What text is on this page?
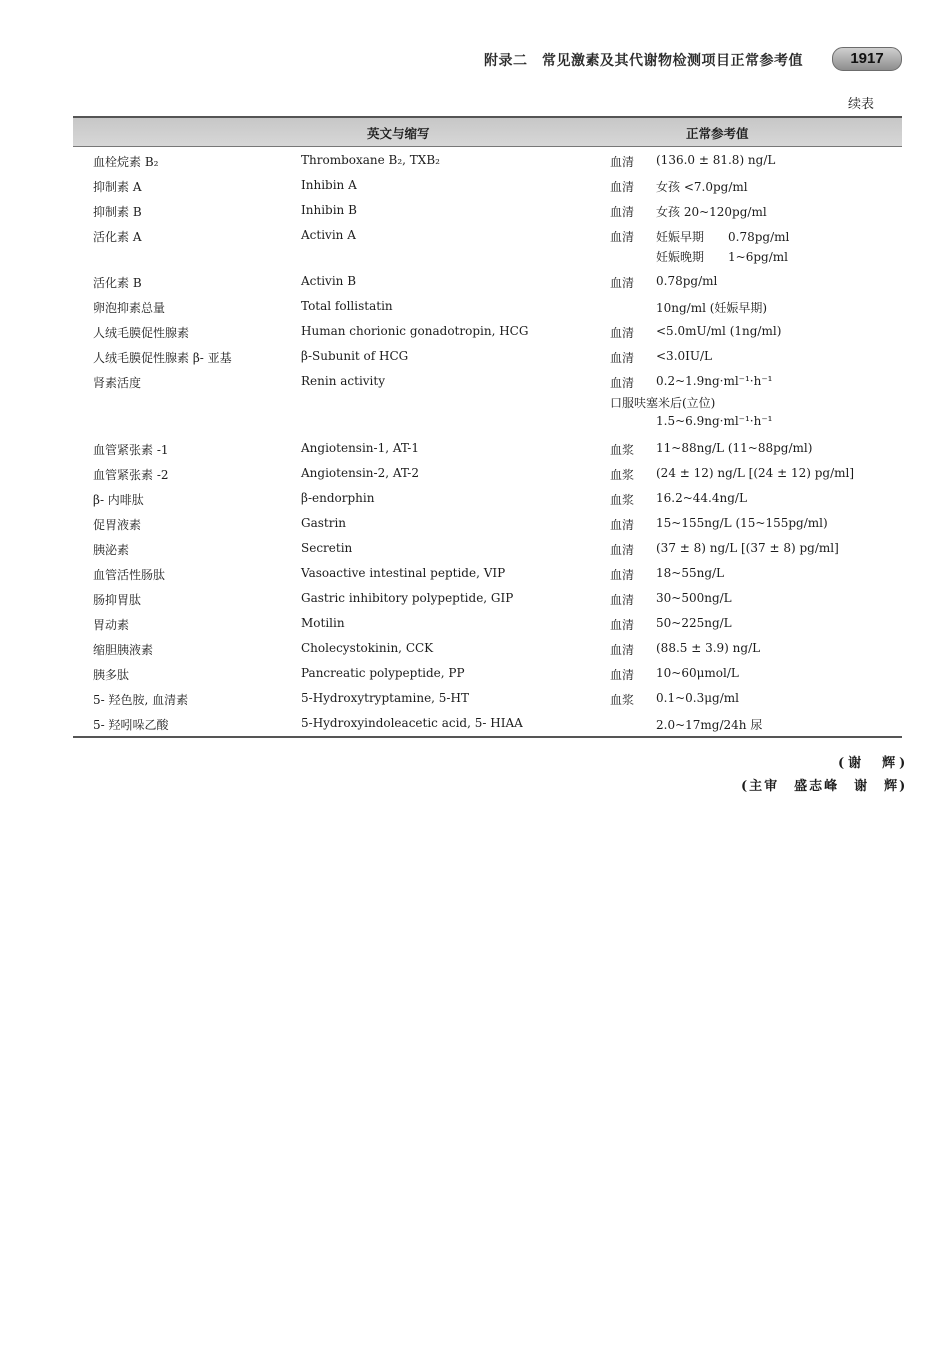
附录二　常见激素及其代谢物检测项目正常参考值	1917
续表
英文与缩写	正常参考值
血栓烷素 B₂	Thromboxane B₂, TXB₂	血清 (136.0 ± 81.8) ng/L
抑制素 A	Inhibin A	血清 女孩 <7.0pg/ml
抑制素 B	Inhibin B	血清 女孩 20~120pg/ml
活化素 A	Activin A	血清 妊娠早期　　0.78pg/ml
妊娠晚期　　1~6pg/ml
活化素 B	Activin B	血清 0.78pg/ml
卵泡抑素总量	Total follistatin	10ng/ml (妊娠早期)
人绒毛膜促性腺素	Human chorionic gonadotropin, HCG	血清 <5.0mU/ml (1ng/ml)
人绒毛膜促性腺素 β- 亚基	β-Subunit of HCG	血清 <3.0IU/L
肾素活度	Renin activity	血清 0.2~1.9ng·ml⁻¹·h⁻¹
口服呋塞米后(立位)
1.5~6.9ng·ml⁻¹·h⁻¹
血管紧张素 -1	Angiotensin-1, AT-1	血浆 11~88ng/L (11~88pg/ml)
血管紧张素 -2	Angiotensin-2, AT-2	血浆 (24 ± 12) ng/L [(24 ± 12) pg/ml]
β- 内啡肽	β-endorphin	血浆 16.2~44.4ng/L
促胃液素	Gastrin	血清 15~155ng/L (15~155pg/ml)
胰泌素	Secretin	血清 (37 ± 8) ng/L [(37 ± 8) pg/ml]
血管活性肠肽	Vasoactive intestinal peptide, VIP	血清 18~55ng/L
肠抑胃肽	Gastric inhibitory polypeptide, GIP	血清 30~500ng/L
胃动素	Motilin	血清 50~225ng/L
缩胆胰液素	Cholecystokinin, CCK	血清 (88.5 ± 3.9) ng/L
胰多肽	Pancreatic polypeptide, PP	血清 10~60μmol/L
5- 羟色胺, 血清素	5-Hydroxytryptamine, 5-HT	血浆 0.1~0.3μg/ml
5- 羟吲哚乙酸	5-Hydroxyindoleacetic acid, 5- HIAA	2.0~17mg/24h 尿
(谢　辉)
(主审　盛志峰　谢　辉)
